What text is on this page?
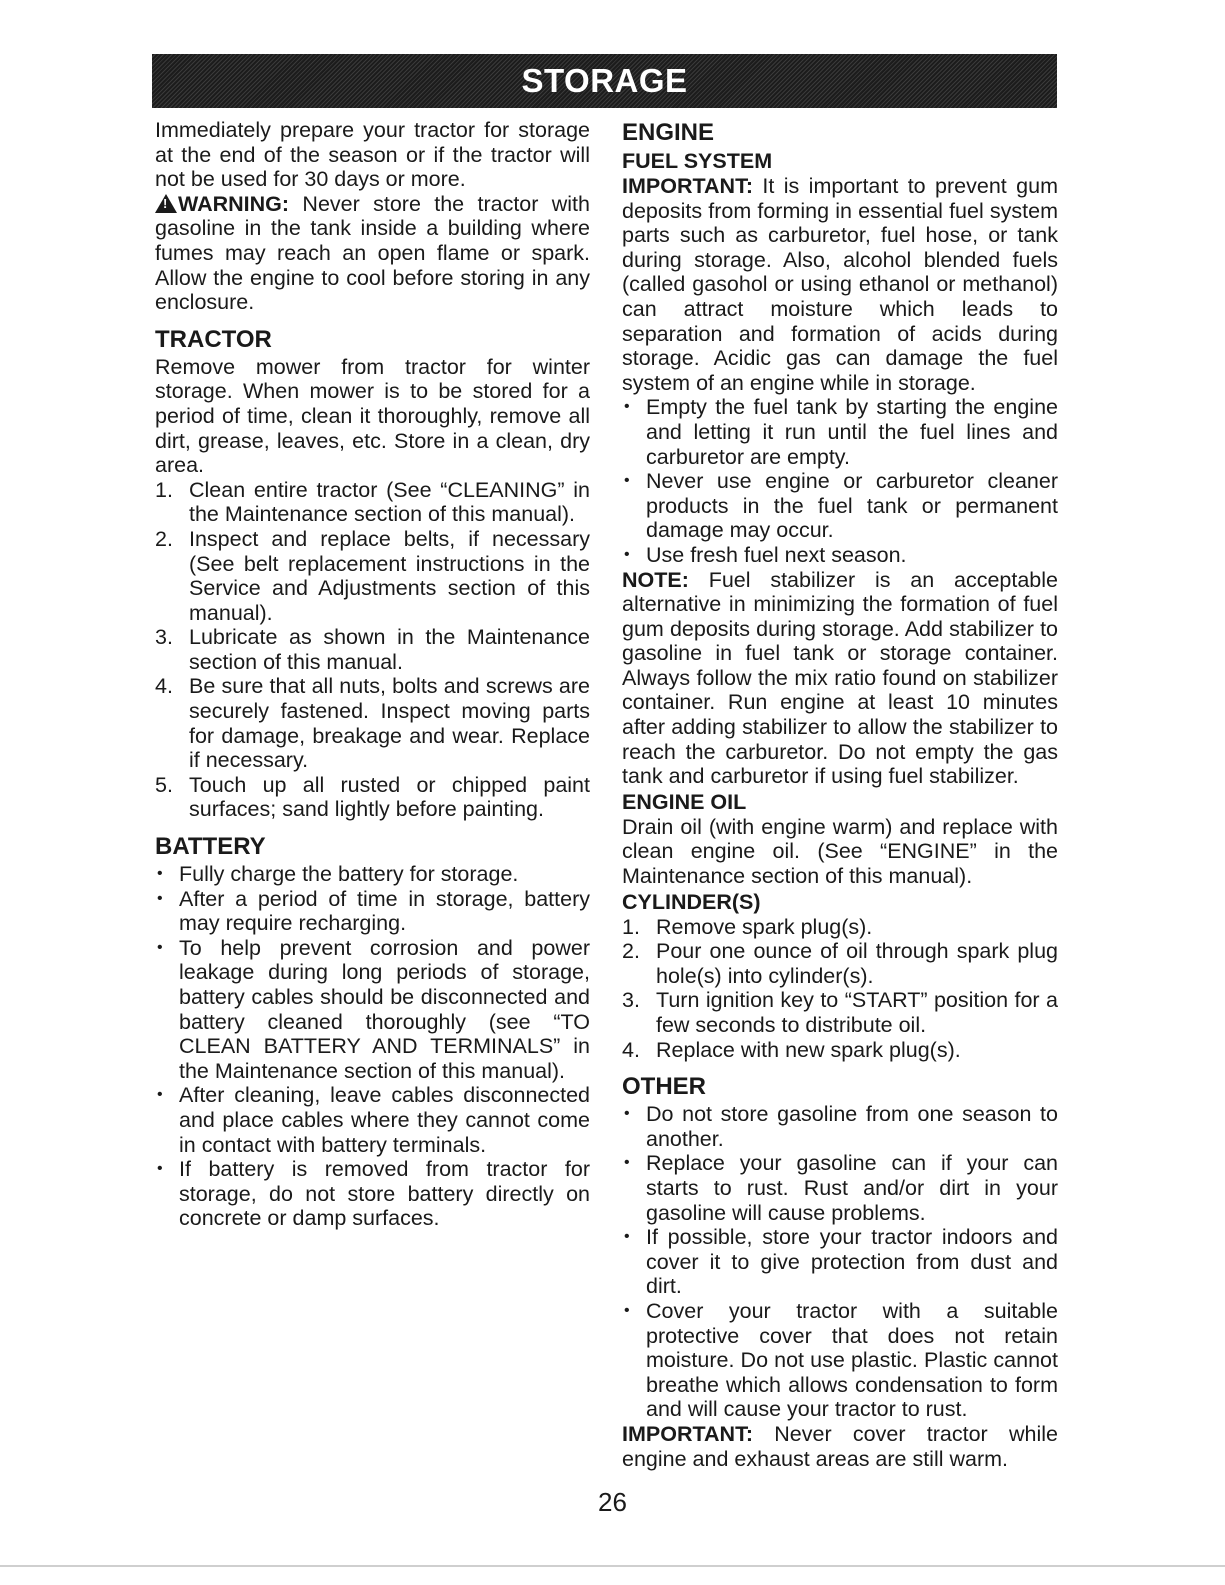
STORAGE

Immediately prepare your tractor for storage at the end of the season or if the tractor will not be used for 30 days or more.

!WARNING: Never store the tractor with gasoline in the tank inside a building where fumes may reach an open flame or spark. Allow the engine to cool before storing in any enclosure.

TRACTOR

Remove mower from tractor for winter storage. When mower is to be stored for a period of time, clean it thoroughly, remove all dirt, grease, leaves, etc. Store in a clean, dry area.

1. Clean entire tractor (See “CLEANING” in the Maintenance section of this manual).
2. Inspect and replace belts, if necessary (See belt replacement instructions in the Service and Adjustments section of this manual).
3. Lubricate as shown in the Maintenance section of this manual.
4. Be sure that all nuts, bolts and screws are securely fastened. Inspect moving parts for damage, breakage and wear. Replace if necessary.
5. Touch up all rusted or chipped paint surfaces; sand lightly before painting.
BATTERY
• Fully charge the battery for storage.
• After a period of time in storage, battery may require recharging.
• To help prevent corrosion and power leakage during long periods of storage, battery cables should be disconnected and battery cleaned thoroughly (see “TO CLEAN BATTERY AND TERMINALS” in the Maintenance section of this manual).
• After cleaning, leave cables disconnected and place cables where they cannot come in contact with battery terminals.
• If battery is removed from tractor for storage, do not store battery directly on concrete or damp surfaces.
ENGINE
FUEL SYSTEM

IMPORTANT: It is important to prevent gum deposits from forming in essential fuel system parts such as carburetor, fuel hose, or tank during storage. Also, alcohol blended fuels (called gasohol or using ethanol or methanol) can attract moisture which leads to separation and formation of acids during storage. Acidic gas can damage the fuel system of an engine while in storage.

• Empty the fuel tank by starting the engine and letting it run until the fuel lines and carburetor are empty.
• Never use engine or carburetor cleaner products in the fuel tank or permanent damage may occur.
• Use fresh fuel next season.

NOTE: Fuel stabilizer is an acceptable alternative in minimizing the formation of fuel gum deposits during storage. Add stabilizer to gasoline in fuel tank or storage container. Always follow the mix ratio found on stabilizer container. Run engine at least 10 minutes after adding stabilizer to allow the stabilizer to reach the carburetor. Do not empty the gas tank and carburetor if using fuel stabilizer.

ENGINE OIL

Drain oil (with engine warm) and replace with clean engine oil. (See “ENGINE” in the Maintenance section of this manual).

CYLINDER(S)
1. Remove spark plug(s).
2. Pour one ounce of oil through spark plug hole(s) into cylinder(s).
3. Turn ignition key to “START” position for a few seconds to distribute oil.
4. Replace with new spark plug(s).
OTHER
• Do not store gasoline from one season to another.
• Replace your gasoline can if your can starts to rust. Rust and/or dirt in your gasoline will cause problems.
• If possible, store your tractor indoors and cover it to give protection from dust and dirt.
• Cover your tractor with a suitable protective cover that does not retain moisture. Do not use plastic. Plastic cannot breathe which allows condensation to form and will cause your tractor to rust.

IMPORTANT: Never cover tractor while engine and exhaust areas are still warm.

26
